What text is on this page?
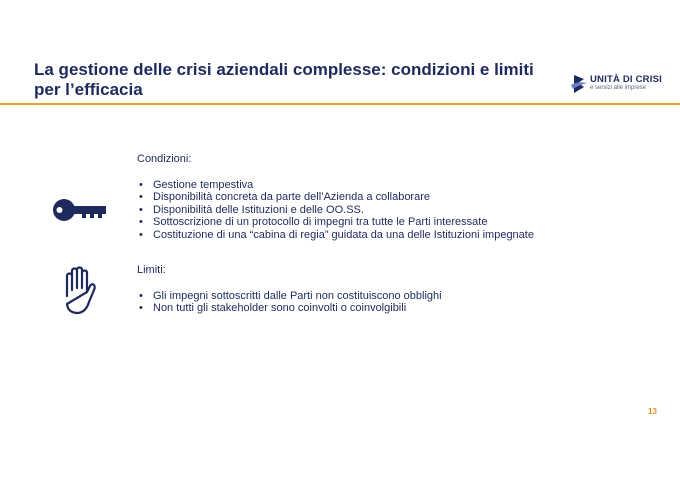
La gestione delle crisi aziendali complesse: condizioni e limiti
per l’efficacia
UNITÀ DI CRISI
e servizi alle imprese
Condizioni:
• Gestione tempestiva
• Disponibilità concreta da parte dell’Azienda a collaborare
• Disponibilità delle Istituzioni e delle OO.SS.
• Sottoscrizione di un protocollo di impegni tra tutte le Parti interessate
• Costituzione di una “cabina di regia” guidata da una delle Istituzioni impegnate
Limiti:
• Gli impegni sottoscritti dalle Parti non costituiscono obblighi
• Non tutti gli stakeholder sono coinvolti o coinvolgibili
13
